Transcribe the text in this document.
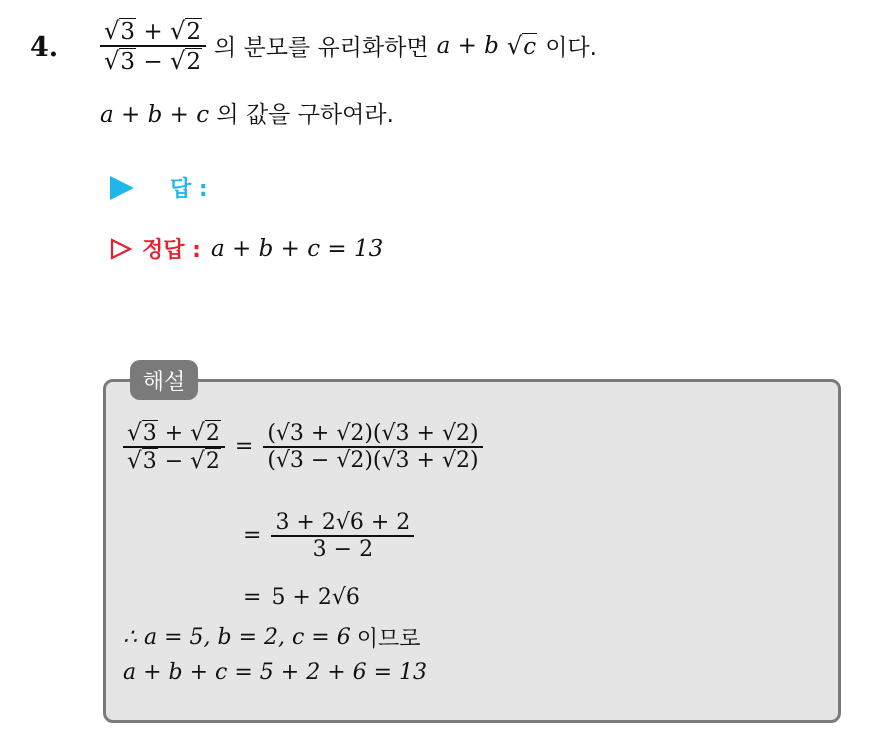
4. $\frac{√3 + √2}{√3 - √2}$ 의 분모를 유리화하면 a + b √c 이다.
a + b + c 의 값을 구하여라.
답 :
정답 : a + b + c = 13
해설
$\frac{√3 + √2}{√3 - √2} = \frac{(√3 + √2)(√3 + √2)}{(√3 - √2)(√3 + √2)}$
= $\frac{3 + 2√6 + 2}{3 - 2}$
= 5 + 2√6
∴ a = 5, b = 2, c = 6 이므로
a + b + c = 5 + 2 + 6 = 13
